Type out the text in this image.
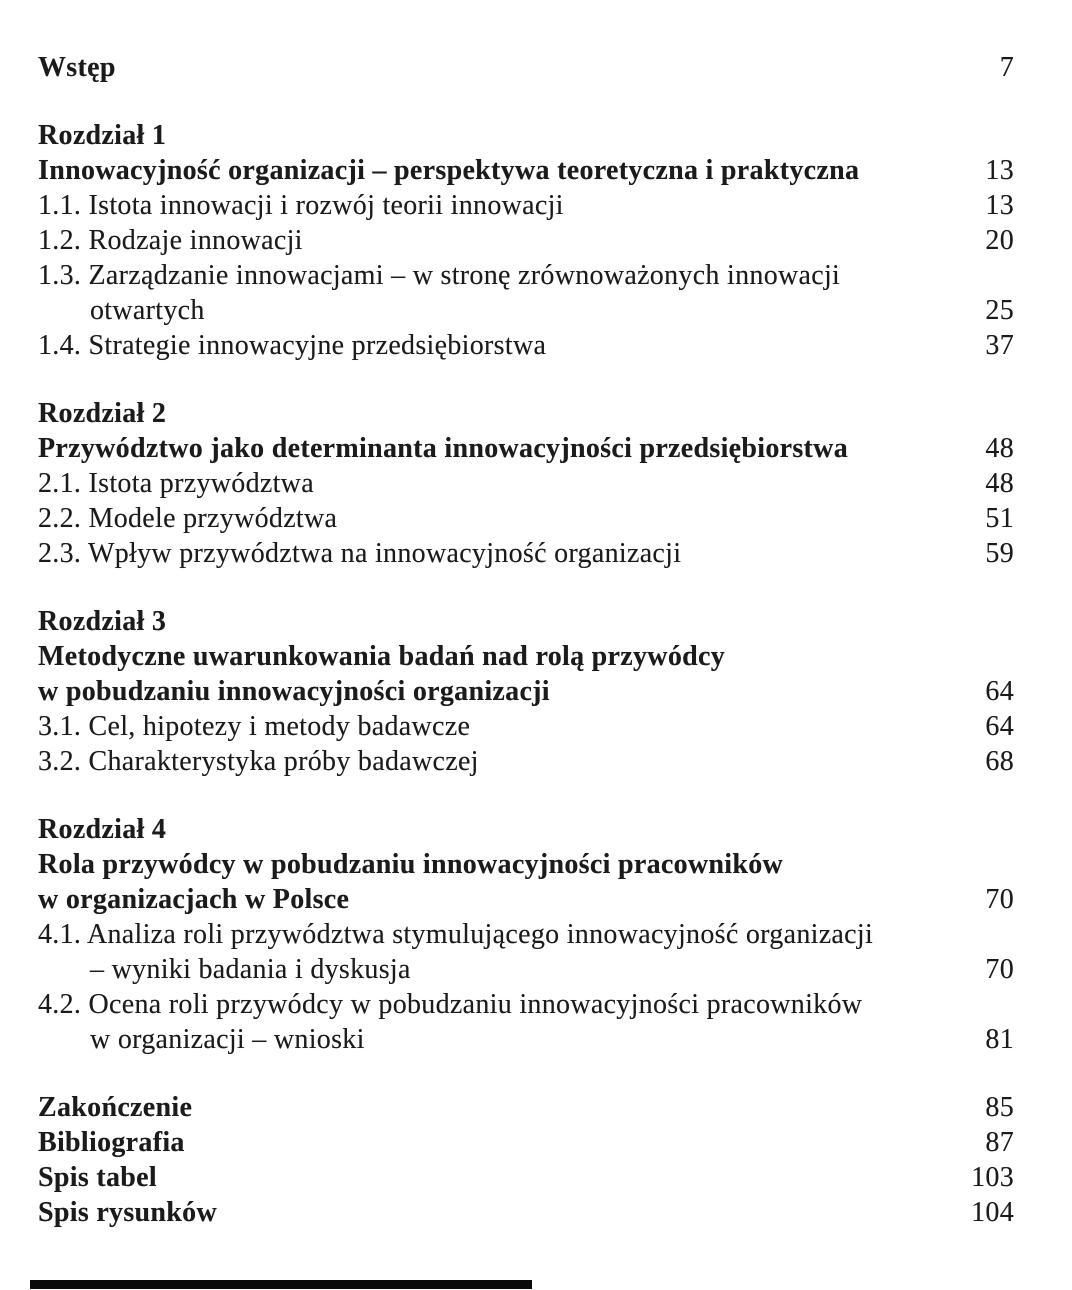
Wstęp	7
Rozdział 1
Innowacyjność organizacji – perspektywa teoretyczna i praktyczna	13
1.1. Istota innowacji i rozwój teorii innowacji	13
1.2. Rodzaje innowacji	20
1.3. Zarządzanie innowacjami – w stronę zrównoważonych innowacji
otwartych	25
1.4. Strategie innowacyjne przedsiębiorstwa	37
Rozdział 2
Przywództwo jako determinanta innowacyjności przedsiębiorstwa	48
2.1. Istota przywództwa	48
2.2. Modele przywództwa	51
2.3. Wpływ przywództwa na innowacyjność organizacji	59
Rozdział 3
Metodyczne uwarunkowania badań nad rolą przywódcy
w pobudzaniu innowacyjności organizacji	64
3.1. Cel, hipotezy i metody badawcze	64
3.2. Charakterystyka próby badawczej	68
Rozdział 4
Rola przywódcy w pobudzaniu innowacyjności pracowników
w organizacjach w Polsce	70
4.1. Analiza roli przywództwa stymulującego innowacyjność organizacji
– wyniki badania i dyskusja	70
4.2. Ocena roli przywódcy w pobudzaniu innowacyjności pracowników
w organizacji – wnioski	81
Zakończenie	85
Bibliografia	87
Spis tabel	103
Spis rysunków	104
